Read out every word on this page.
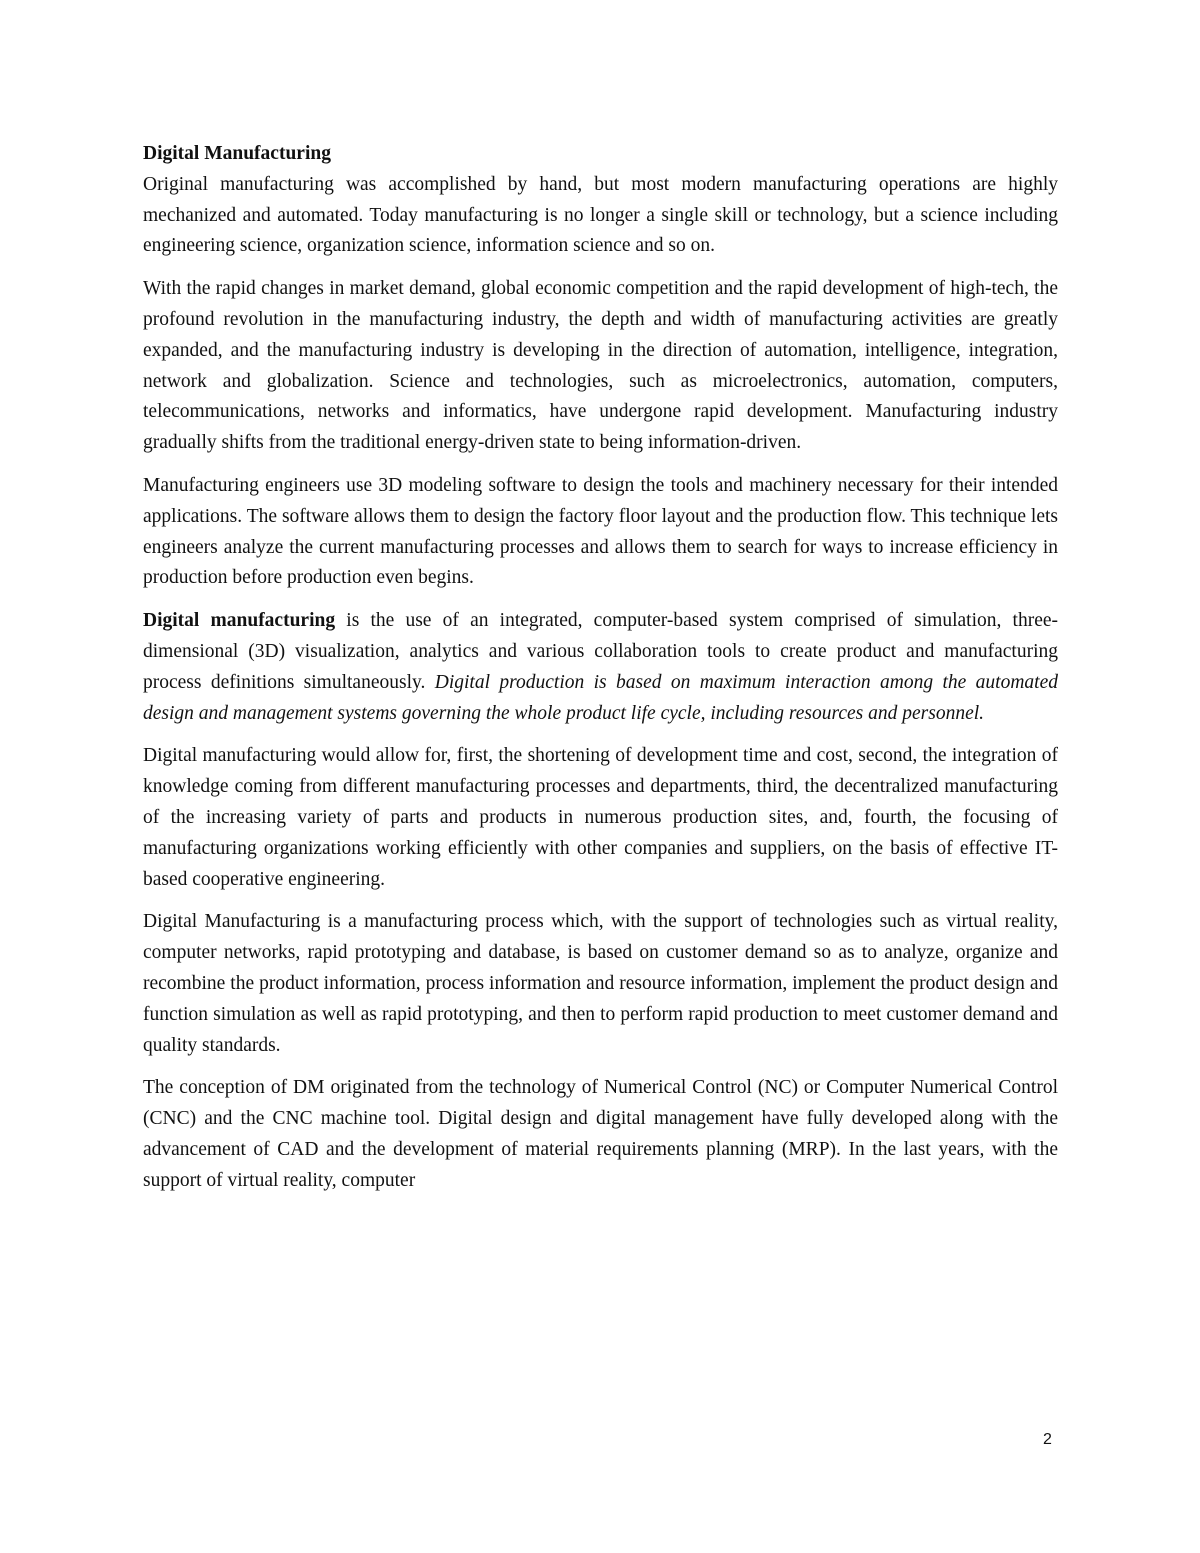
Digital Manufacturing

Original manufacturing was accomplished by hand, but most modern manufacturing operations are highly mechanized and automated. Today manufacturing is no longer a single skill or technology, but a science including engineering science, organization science, information science and so on.

With the rapid changes in market demand, global economic competition and the rapid development of high-tech, the profound revolution in the manufacturing industry, the depth and width of manufacturing activities are greatly expanded, and the manufacturing industry is developing in the direction of automation, intelligence, integration, network and globalization. Science and technologies, such as microelectronics, automation, computers, telecommunications, networks and informatics, have undergone rapid development. Manufacturing industry gradually shifts from the traditional energy-driven state to being information-driven.

Manufacturing engineers use 3D modeling software to design the tools and machinery necessary for their intended applications. The software allows them to design the factory floor layout and the production flow. This technique lets engineers analyze the current manufacturing processes and allows them to search for ways to increase efficiency in production before production even begins.

Digital manufacturing is the use of an integrated, computer-based system comprised of simulation, three-dimensional (3D) visualization, analytics and various collaboration tools to create product and manufacturing process definitions simultaneously. Digital production is based on maximum interaction among the automated design and management systems governing the whole product life cycle, including resources and personnel.

Digital manufacturing would allow for, first, the shortening of development time and cost, second, the integration of knowledge coming from different manufacturing processes and departments, third, the decentralized manufacturing of the increasing variety of parts and products in numerous production sites, and, fourth, the focusing of manufacturing organizations working efficiently with other companies and suppliers, on the basis of effective IT-based cooperative engineering.

Digital Manufacturing is a manufacturing process which, with the support of technologies such as virtual reality, computer networks, rapid prototyping and database, is based on customer demand so as to analyze, organize and recombine the product information, process information and resource information, implement the product design and function simulation as well as rapid prototyping, and then to perform rapid production to meet customer demand and quality standards.

The conception of DM originated from the technology of Numerical Control (NC) or Computer Numerical Control (CNC) and the CNC machine tool. Digital design and digital management have fully developed along with the advancement of CAD and the development of material requirements planning (MRP). In the last years, with the support of virtual reality, computer

2
